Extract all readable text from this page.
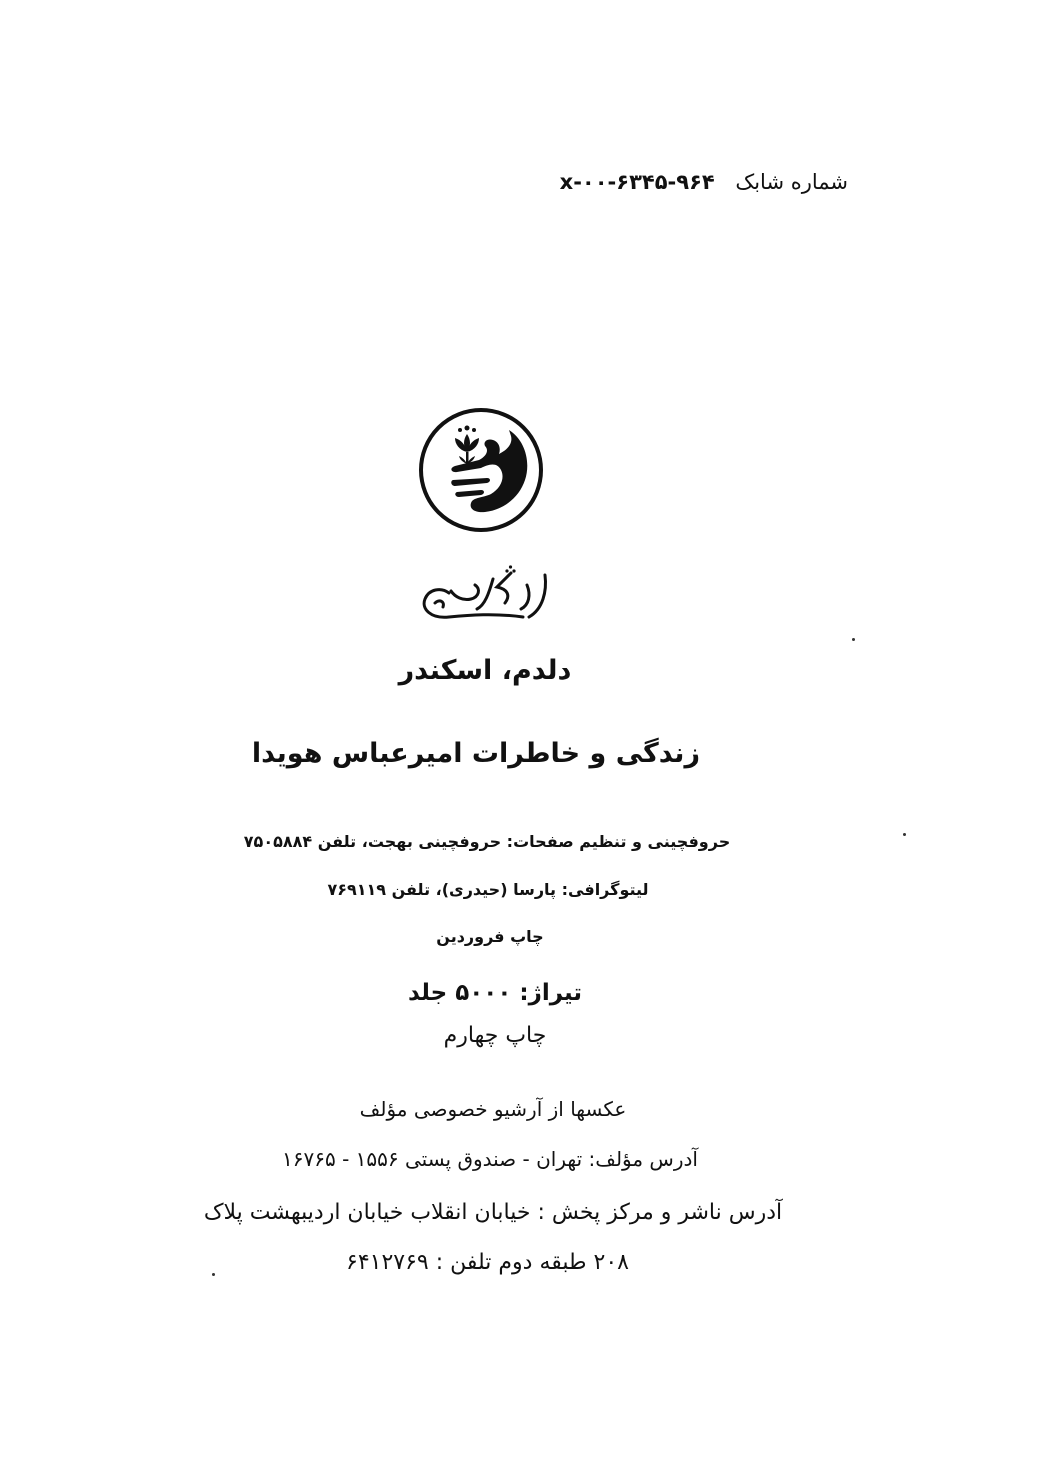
شماره شابک x-۰۰-۶۳۴۵-۹۶۴
دلدم، اسکندر
زندگی و خاطرات امیرعباس هویدا
حروفچینی و تنظیم صفحات: حروفچینی بهجت، تلفن ۷۵۰۵۸۸۴
لیتوگرافی: پارسا (حیدری)، تلفن ۷۶۹۱۱۹
چاپ فروردین
تیراژ: ۵۰۰۰ جلد
چاپ چهارم
عکسها از آرشیو خصوصی مؤلف
آدرس مؤلف: تهران - صندوق پستی ۱۵۵۶ - ۱۶۷۶۵
آدرس ناشر و مرکز پخش : خیابان انقلاب خیابان اردیبهشت پلاک
۲۰۸ طبقه دوم تلفن : ۶۴۱۲۷۶۹
